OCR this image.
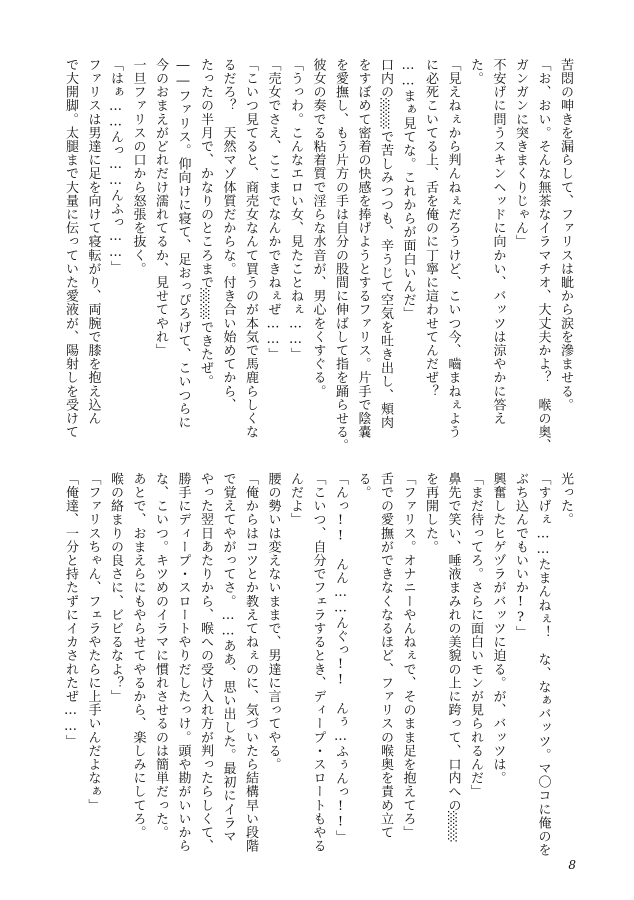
苦悶の呻きを漏らして、ファリスは眦から涙を滲ませる。
「お、おい。そんな無茶なイラマチオ、大丈夫かよ？　喉の奥、
ガンガンに突きまくりじゃん」
不安げに問うスキンヘッドに向かい、バッツは涼やかに答え
た。
「見えねぇから判んねぇだろうけど、こいつ今、嚙まねぇよう
に必死こいてる上、舌を俺のに丁寧に這わせてんだぜ？
……まぁ見てな。これからが面白いんだ」
口内の░░で苦しみつつも、辛うじて空気を吐き出し、頰肉
をすぼめて密着の快感を捧げようとするファリス。片手で陰嚢
を愛撫し、もう片方の手は自分の股間に伸ばして指を踊らせる。
彼女の奏でる粘着質で淫らな水音が、男心をくすぐる。
「うっわ。こんなエロい女、見たことねぇ……」
「売女でさえ、ここまでなんかできねぇぜ……」
「こいつ見てると、商売女なんて買うのが本気で馬鹿らしくな
るだろ？　天然マゾ体質だからな。付き合い始めてから、
たったの半月で、かなりのところまで░░できたぜ。
――ファリス。仰向けに寝て、足おっぴろげて、こいつらに
今のおまえがどれだけ濡れてるか、見せてやれ」
一旦ファリスの口から怒張を抜く。
「はぁ……んっ……んふっ……」
ファリスは男達に足を向けて寝転がり、両腕で膝を抱え込ん
で大開脚。太腿まで大量に伝っていた愛液が、陽射しを受けて
光った。
「すげぇ……たまんねぇ！　な、なぁバッツ。マ〇コに俺のを
ぶち込んでもいいか!?」
興奮したヒゲヅラがバッツに迫る。が、バッツは。
「まだ待ってろ。さらに面白いモンが見られるんだ」
鼻先で笑い、唾液まみれの美貌の上に跨って、口内への░░
を再開した。
「ファリス。オナニーやんねぇで、そのまま足を抱えてろ」
舌での愛撫ができなくなるほど、ファリスの喉奥を責め立て
る。
「んっ!!　んん……んぐっ!!　んぅ…ふぅんっ!!」
「こいつ、自分でフェラするとき、ディープ・スロートもやる
んだよ」
腰の勢いは変えないままで、男達に言ってやる。
「俺からはコツとか教えてねぇのに、気づいたら結構早い段階
で覚えてやがってさ。……ああ、思い出した。最初にイラマ
やった翌日あたりから、喉への受け入れ方が判ったらしくて、
勝手にディープ・スロートやりだしたっけ。頭や勘がいいから
な、こいつ。キツめのイラマに慣れさせるのは簡単だった。
あとで、おまえらにもやらせてやるから、楽しみにしてろ。
喉の絡まりの良さに、ビビるなよ？」
「ファリスちゃん、フェラやたらに上手いんだよなぁ」
「俺達、一分と持たずにイカされたぜ……」
8
